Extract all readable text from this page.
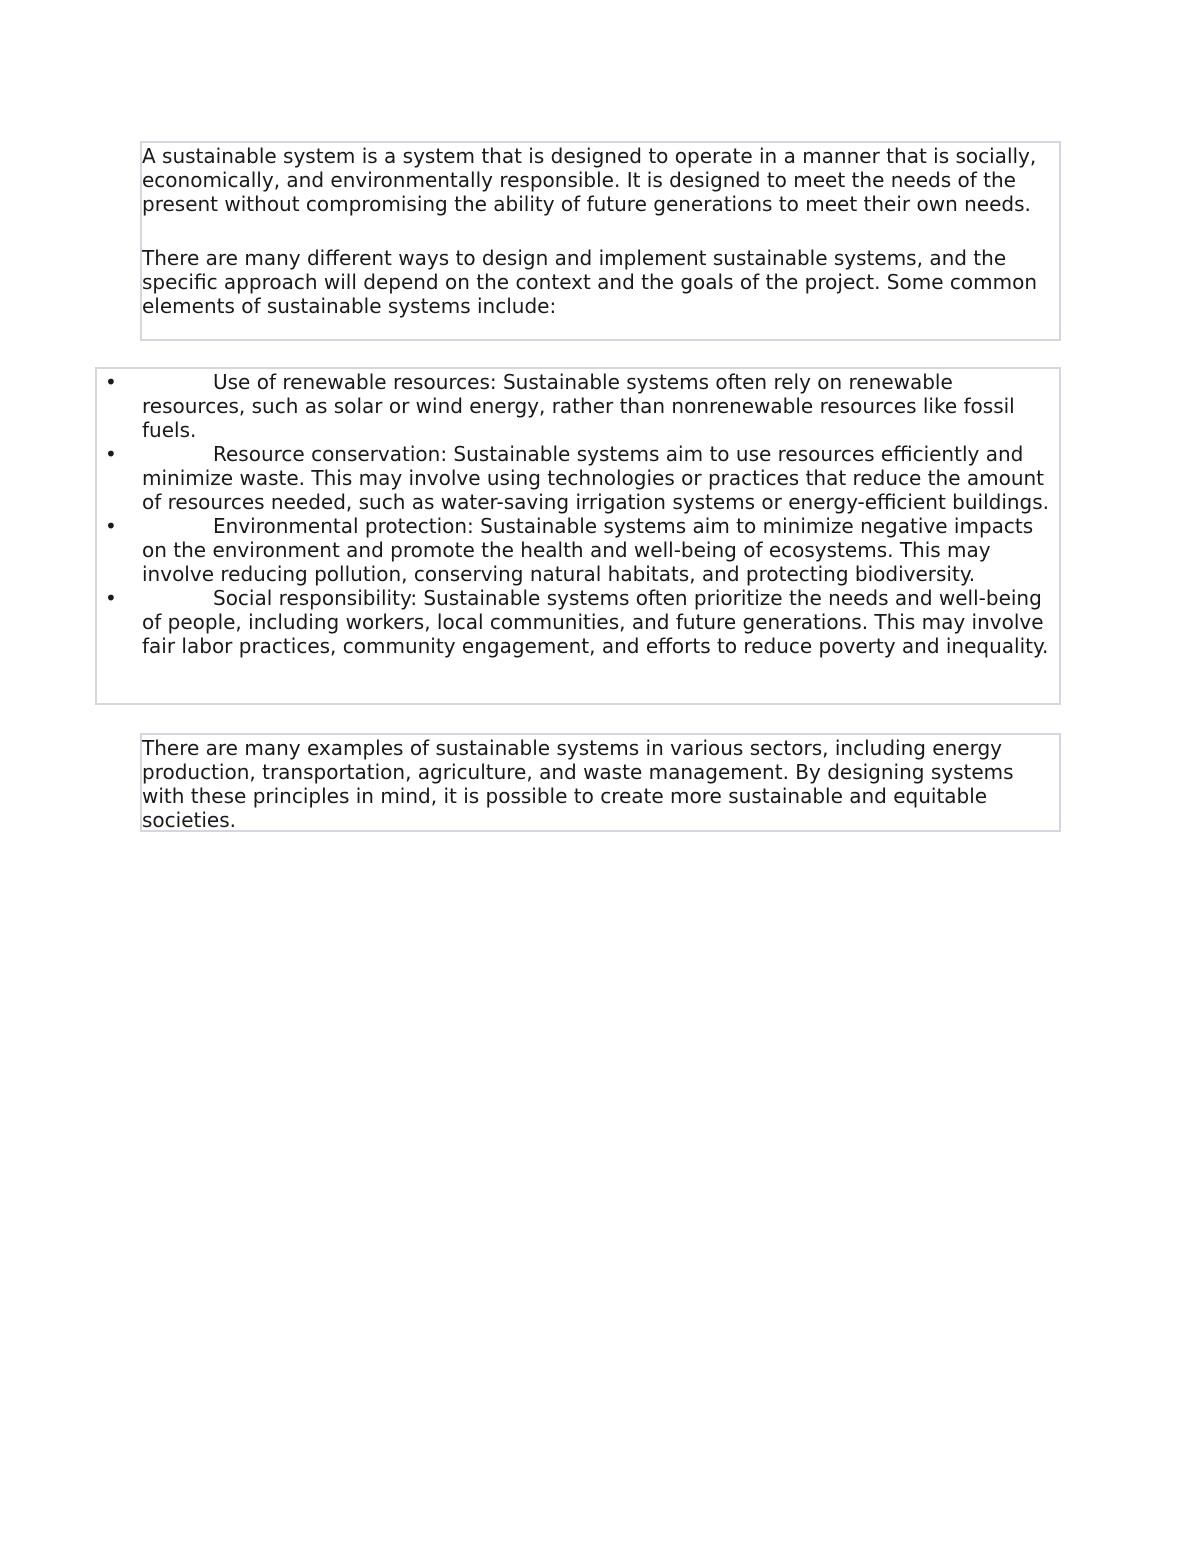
A sustainable system is a system that is designed to operate in a manner that is socially, economically, and environmentally responsible. It is designed to meet the needs of the present without compromising the ability of future generations to meet their own needs.

There are many different ways to design and implement sustainable systems, and the specific approach will depend on the context and the goals of the project. Some common elements of sustainable systems include:

•	Use of renewable resources: Sustainable systems often rely on renewable resources, such as solar or wind energy, rather than nonrenewable resources like fossil fuels.
•	Resource conservation: Sustainable systems aim to use resources efficiently and minimize waste. This may involve using technologies or practices that reduce the amount of resources needed, such as water-saving irrigation systems or energy-efficient buildings.
•	Environmental protection: Sustainable systems aim to minimize negative impacts on the environment and promote the health and well-being of ecosystems. This may involve reducing pollution, conserving natural habitats, and protecting biodiversity.
•	Social responsibility: Sustainable systems often prioritize the needs and well-being of people, including workers, local communities, and future generations. This may involve fair labor practices, community engagement, and efforts to reduce poverty and inequality.

There are many examples of sustainable systems in various sectors, including energy production, transportation, agriculture, and waste management. By designing systems with these principles in mind, it is possible to create more sustainable and equitable societies.
